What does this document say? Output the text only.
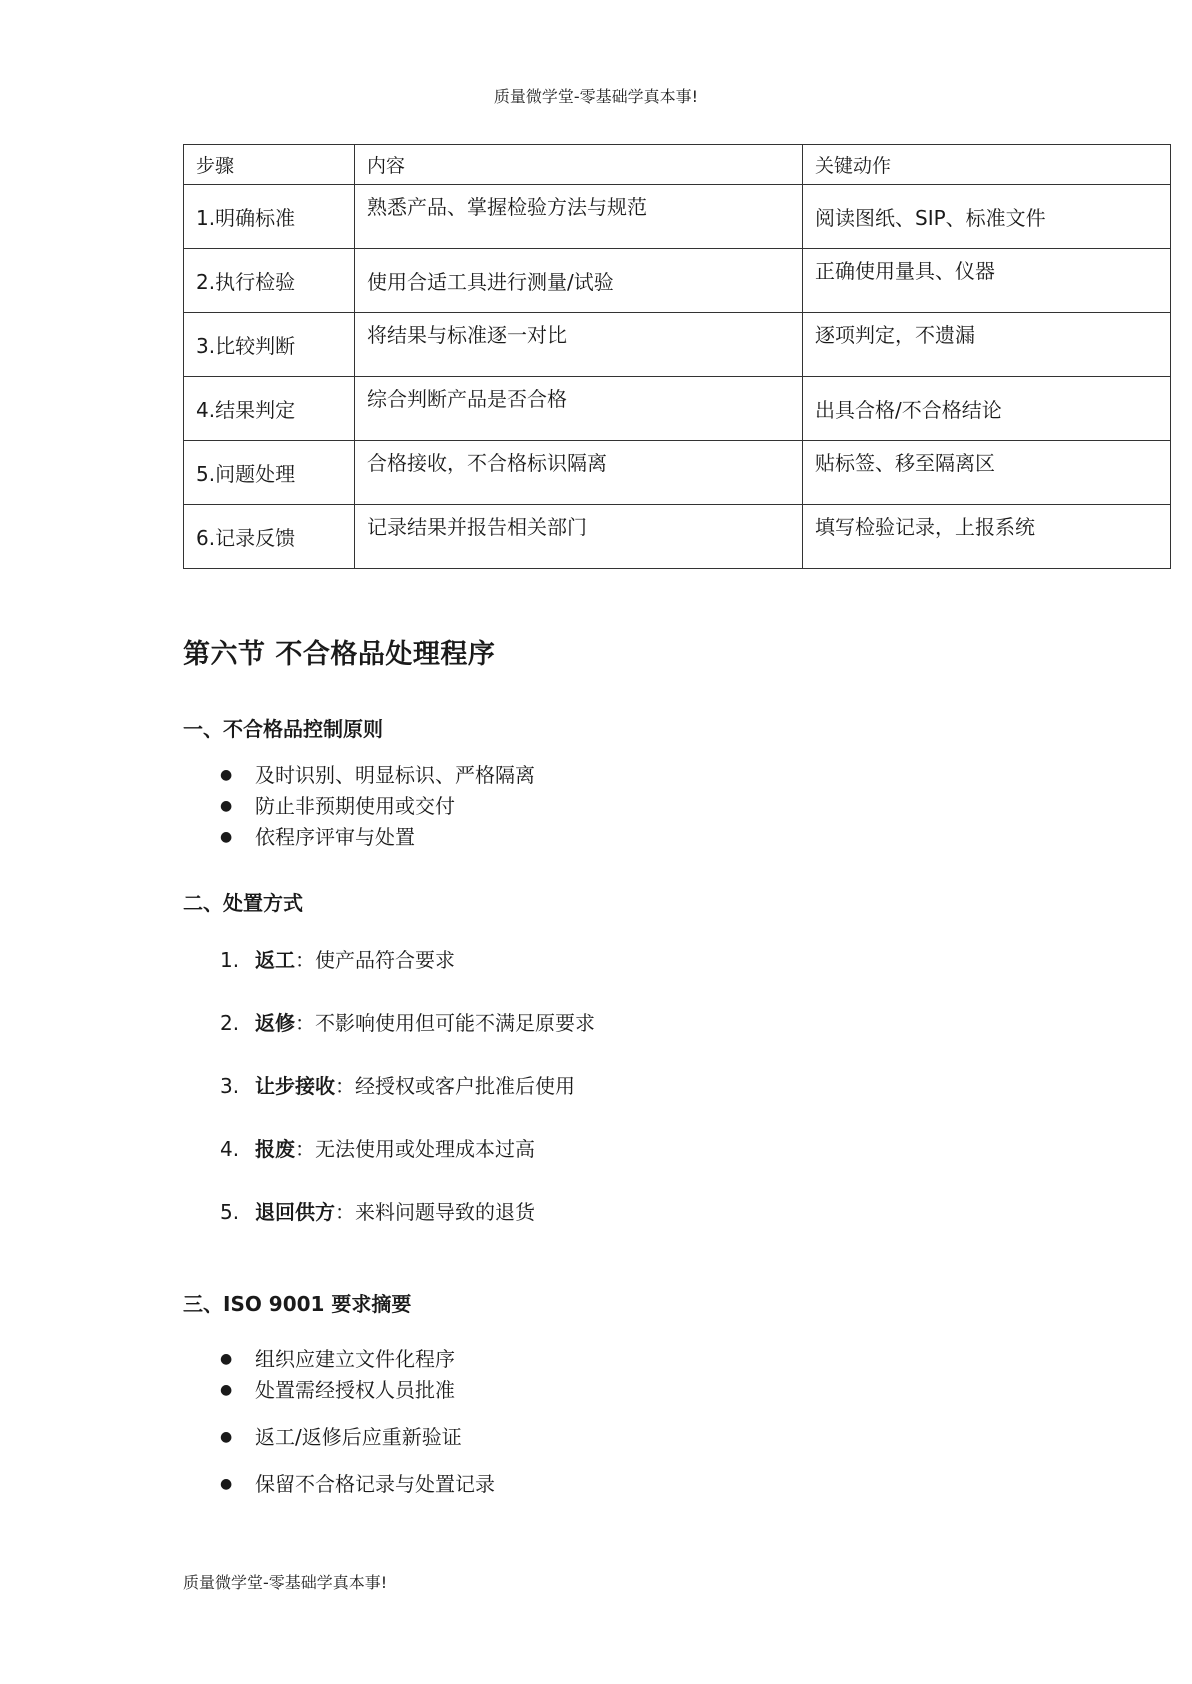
质量微学堂-零基础学真本事!
步骤	内容	关键动作
1.明确标准	熟悉产品、掌握检验方法与规范	阅读图纸、SIP、标准文件
2.执行检验	使用合适工具进行测量/试验	正确使用量具、仪器
3.比较判断	将结果与标准逐一对比	逐项判定，不遗漏
4.结果判定	综合判断产品是否合格	出具合格/不合格结论
5.问题处理	合格接收，不合格标识隔离	贴标签、移至隔离区
6.记录反馈	记录结果并报告相关部门	填写检验记录，上报系统
第六节 不合格品处理程序
一、不合格品控制原则
● 及时识别、明显标识、严格隔离
● 防止非预期使用或交付
● 依程序评审与处置
二、处置方式
1. 返工：使产品符合要求
2. 返修：不影响使用但可能不满足原要求
3. 让步接收：经授权或客户批准后使用
4. 报废：无法使用或处理成本过高
5. 退回供方：来料问题导致的退货
三、ISO 9001 要求摘要
● 组织应建立文件化程序
● 处置需经授权人员批准
● 返工/返修后应重新验证
● 保留不合格记录与处置记录
质量微学堂-零基础学真本事!
